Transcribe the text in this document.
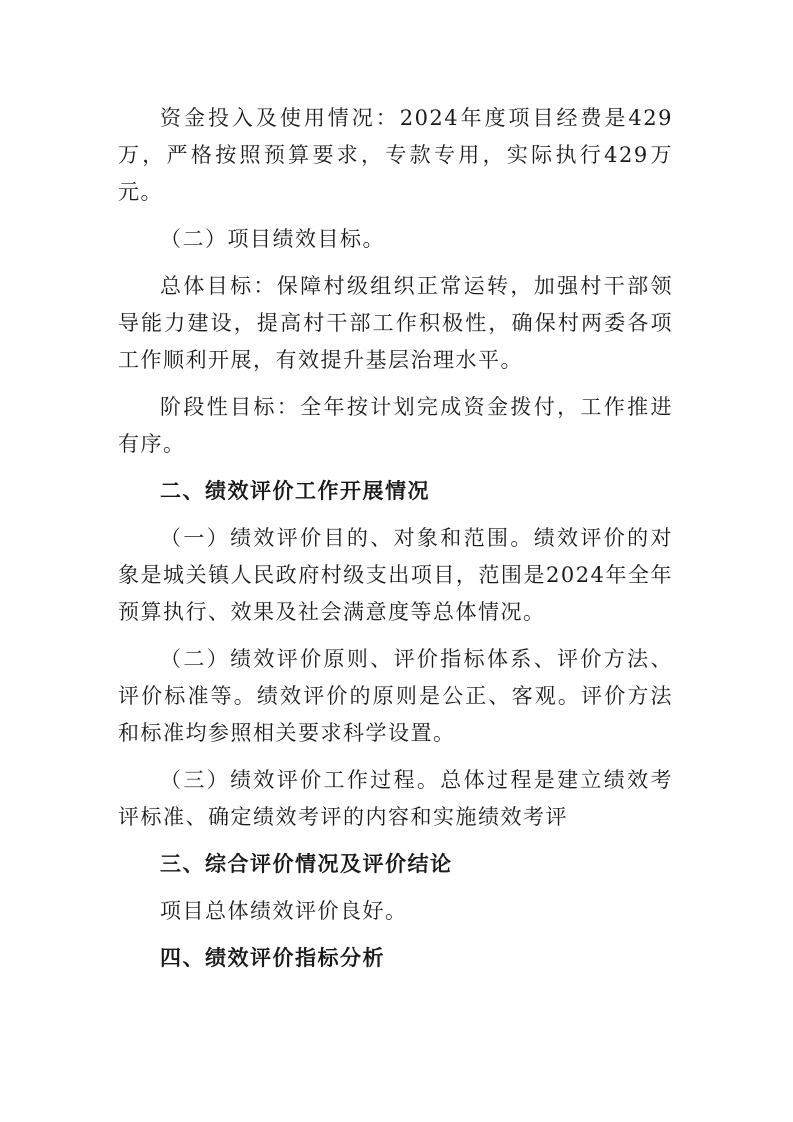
资金投入及使用情况：2024年度项目经费是429万，严格按照预算要求，专款专用，实际执行429万元。

（二）项目绩效目标。

总体目标：保障村级组织正常运转，加强村干部领导能力建设，提高村干部工作积极性，确保村两委各项工作顺利开展，有效提升基层治理水平。

阶段性目标：全年按计划完成资金拨付，工作推进有序。

二、绩效评价工作开展情况

（一）绩效评价目的、对象和范围。绩效评价的对象是城关镇人民政府村级支出项目，范围是2024年全年预算执行、效果及社会满意度等总体情况。

（二）绩效评价原则、评价指标体系、评价方法、评价标准等。绩效评价的原则是公正、客观。评价方法和标准均参照相关要求科学设置。

（三）绩效评价工作过程。总体过程是建立绩效考评标准、确定绩效考评的内容和实施绩效考评

三、综合评价情况及评价结论

项目总体绩效评价良好。

四、绩效评价指标分析
